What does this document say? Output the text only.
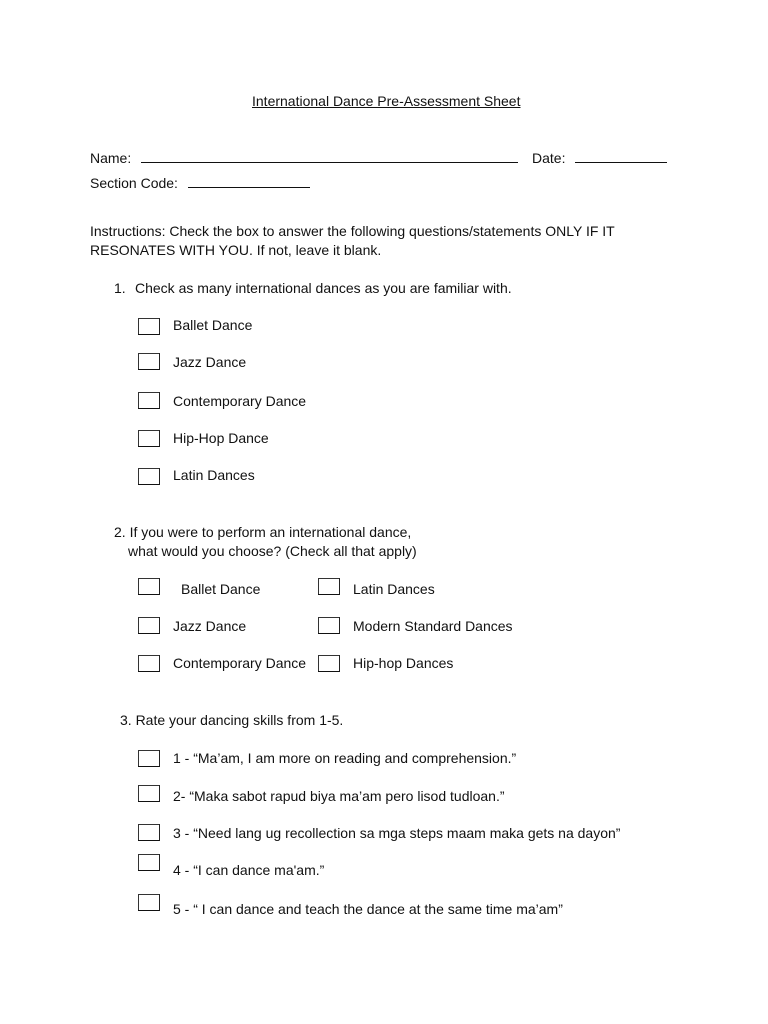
International Dance Pre-Assessment Sheet
Name:	Date:
Section Code:
Instructions: Check the box to answer the following questions/statements ONLY IF IT
RESONATES WITH YOU. If not, leave it blank.
1. Check as many international dances as you are familiar with.
Ballet Dance
Jazz Dance
Contemporary Dance
Hip-Hop Dance
Latin Dances
2. If you were to perform an international dance,
what would you choose? (Check all that apply)
Ballet Dance	Latin Dances
Jazz Dance	Modern Standard Dances
Contemporary Dance	Hip-hop Dances
3. Rate your dancing skills from 1-5.
1 - “Ma’am, I am more on reading and comprehension.”
2- “Maka sabot rapud biya ma’am pero lisod tudloan.”
3 - “Need lang ug recollection sa mga steps maam maka gets na dayon”
4 - “I can dance ma'am.”
5 - “ I can dance and teach the dance at the same time ma’am”
